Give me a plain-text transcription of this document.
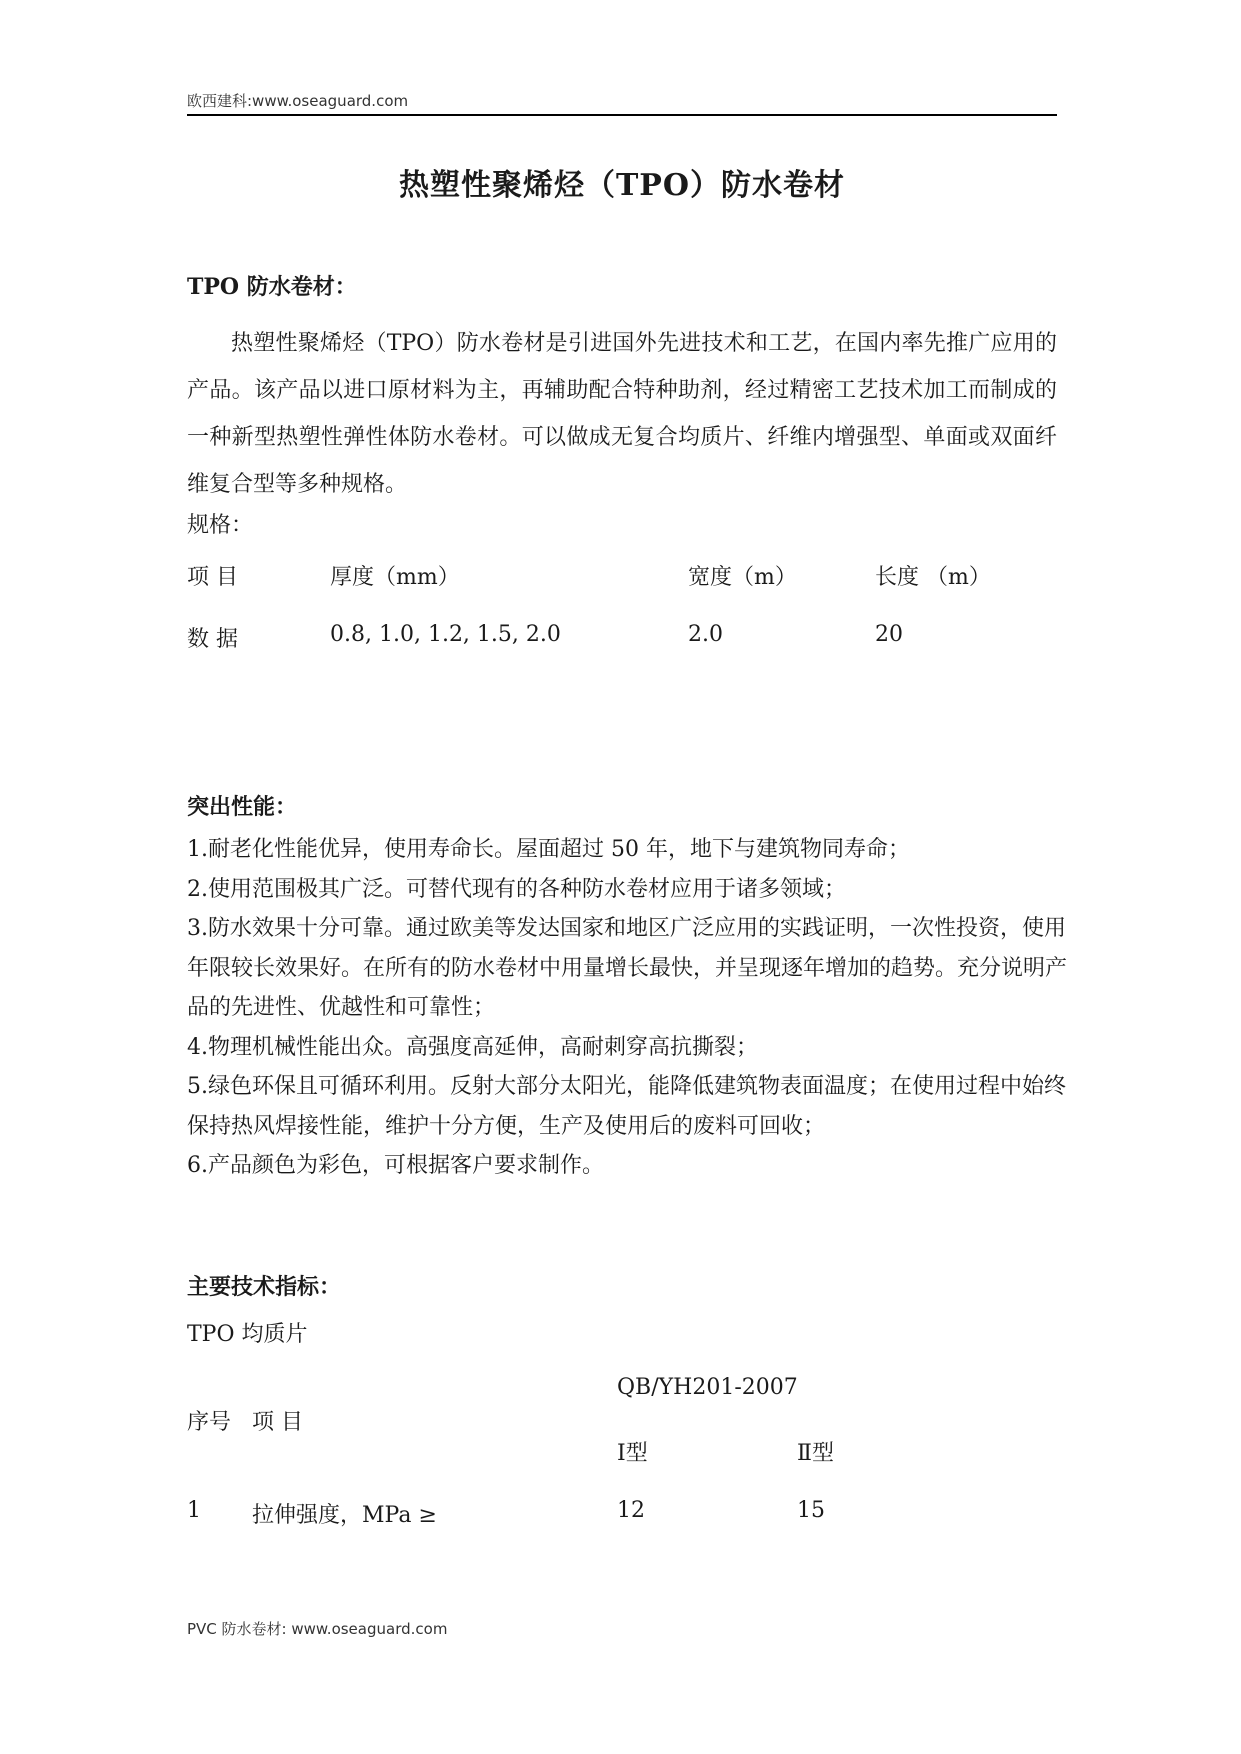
欧西建科:www.oseaguard.com
热塑性聚烯烃（TPO）防水卷材
TPO 防水卷材：
热塑性聚烯烃（TPO）防水卷材是引进国外先进技术和工艺，在国内率先推广应用的产品。该产品以进口原材料为主，再辅助配合特种助剂，经过精密工艺技术加工而制成的一种新型热塑性弹性体防水卷材。可以做成无复合均质片、纤维内增强型、单面或双面纤维复合型等多种规格。
规格：
项 目	厚度（mm）	宽度（m）	长度 （m）
数 据	0.8, 1.0, 1.2, 1.5, 2.0	2.0	20
突出性能：
1.耐老化性能优异，使用寿命长。屋面超过 50 年，地下与建筑物同寿命；
2.使用范围极其广泛。可替代现有的各种防水卷材应用于诸多领域；
3.防水效果十分可靠。通过欧美等发达国家和地区广泛应用的实践证明，一次性投资，使用年限较长效果好。在所有的防水卷材中用量增长最快，并呈现逐年增加的趋势。充分说明产品的先进性、优越性和可靠性；
4.物理机械性能出众。高强度高延伸，高耐刺穿高抗撕裂；
5.绿色环保且可循环利用。反射大部分太阳光，能降低建筑物表面温度；在使用过程中始终保持热风焊接性能，维护十分方便，生产及使用后的废料可回收；
6.产品颜色为彩色，可根据客户要求制作。
主要技术指标：
TPO 均质片
QB/YH201-2007
序号 项 目
Ⅰ型	Ⅱ型
1 拉伸强度，MPa ≥	12	15
PVC 防水卷材: www.oseaguard.com
